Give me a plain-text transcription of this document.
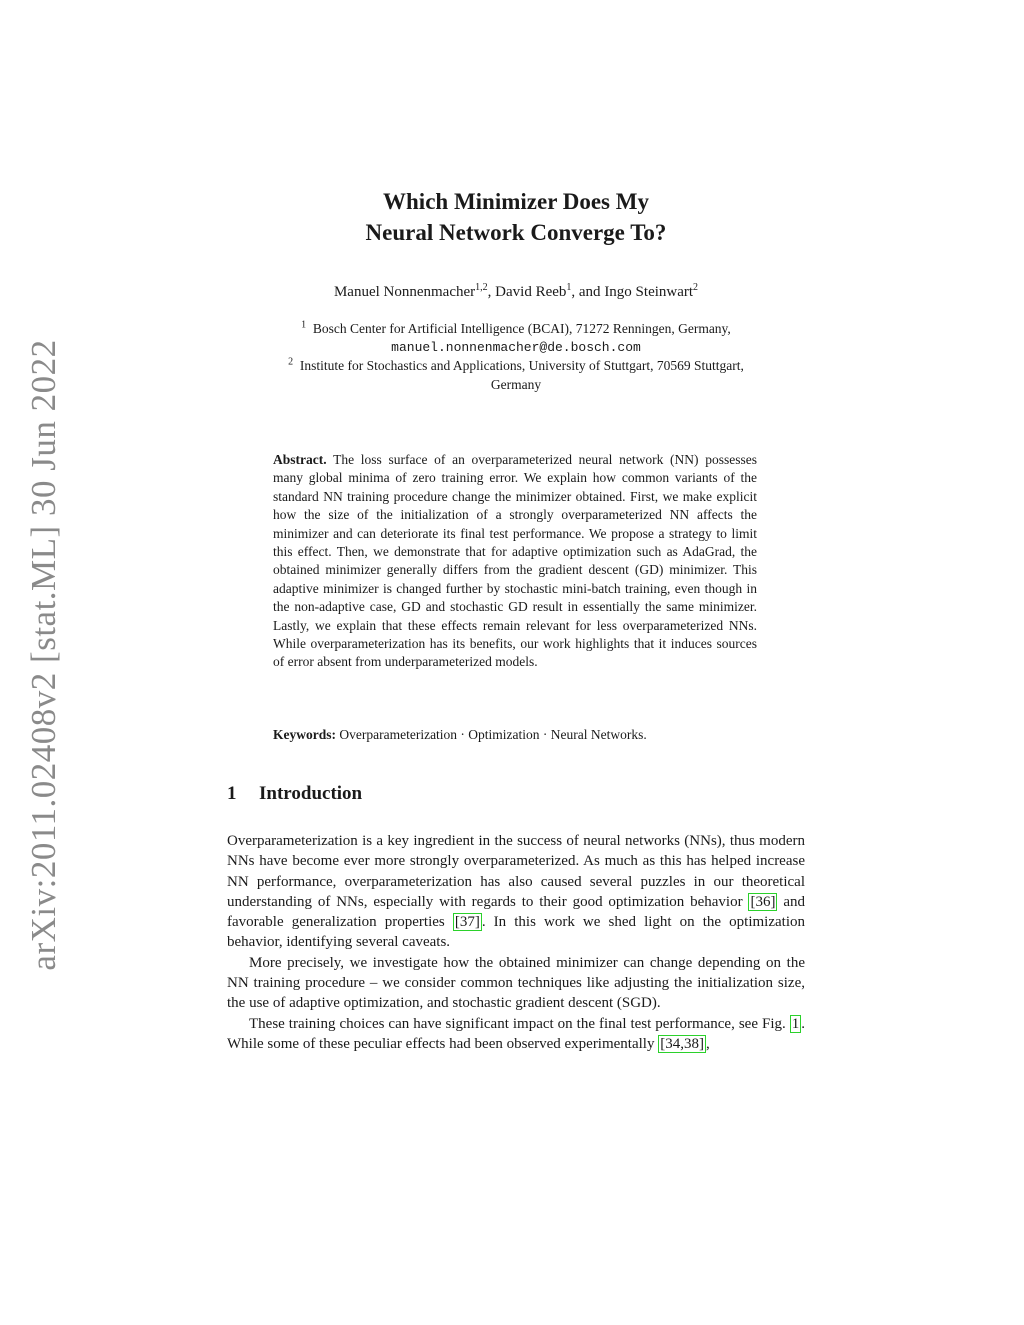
arXiv:2011.02408v2 [stat.ML] 30 Jun 2022
Which Minimizer Does My
Neural Network Converge To?
Manuel Nonnenmacher$^{1,2}$, David Reeb$^1$, and Ingo Steinwart$^2$
$^1$ Bosch Center for Artificial Intelligence (BCAI), 71272 Renningen, Germany,
manuel.nonnenmacher@de.bosch.com
$^2$ Institute for Stochastics and Applications, University of Stuttgart, 70569 Stuttgart,
Germany
Abstract. The loss surface of an overparameterized neural network (NN) possesses many global minima of zero training error. We explain how common variants of the standard NN training procedure change the minimizer obtained. First, we make explicit how the size of the initialization of a strongly overparameterized NN affects the minimizer and can deteriorate its final test performance. We propose a strategy to limit this effect. Then, we demonstrate that for adaptive optimization such as AdaGrad, the obtained minimizer generally differs from the gradient descent (GD) minimizer. This adaptive minimizer is changed further by stochastic mini-batch training, even though in the non-adaptive case, GD and stochastic GD result in essentially the same minimizer. Lastly, we explain that these effects remain relevant for less overparameterized NNs. While overparameterization has its benefits, our work highlights that it induces sources of error absent from underparameterized models.
Keywords: Overparameterization · Optimization · Neural Networks.
1 Introduction

Overparameterization is a key ingredient in the success of neural networks (NNs), thus modern NNs have become ever more strongly overparameterized. As much as this has helped increase NN performance, overparameterization has also caused several puzzles in our theoretical understanding of NNs, especially with regards to their good optimization behavior [36] and favorable generalization properties [37] . In this work we shed light on the optimization behavior, identifying several caveats.

More precisely, we investigate how the obtained minimizer can change depending on the NN training procedure – we consider common techniques like adjusting the initialization size, the use of adaptive optimization, and stochastic gradient descent (SGD).

These training choices can have significant impact on the final test performance, see Fig. 1 . While some of these peculiar effects had been observed experimentally [34,38] ,
